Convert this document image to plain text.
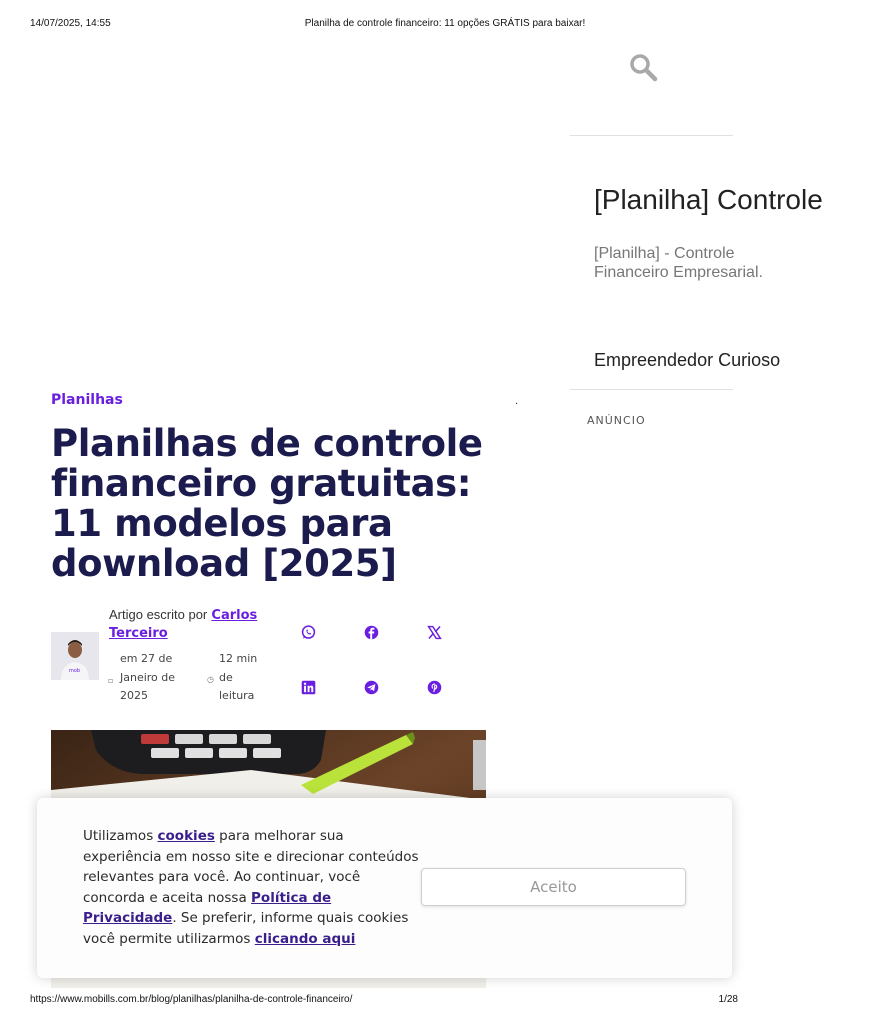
14/07/2025, 14:55	Planilha de controle financeiro: 11 opções GRÁTIS para baixar!
[Planilha] Controle
[Planilha] - Controle Financeiro Empresarial.
Empreendedor Curioso
ANÚNCIO
Planilhas	.
Planilhas de controle financeiro gratuitas: 11 modelos para download [2025]
mob
Artigo escrito por Carlos Terceiro
em 27 de
▫ Janeiro de
2025
12 min
◷ de
leitura
Utilizamos cookies para melhorar sua experiência em nosso site e direcionar conteúdos relevantes para você. Ao continuar, você concorda e aceita nossa Política de Privacidade. Se preferir, informe quais cookies você permite utilizarmos clicando aqui
Aceito
https://www.mobills.com.br/blog/planilhas/planilha-de-controle-financeiro/	1/28
